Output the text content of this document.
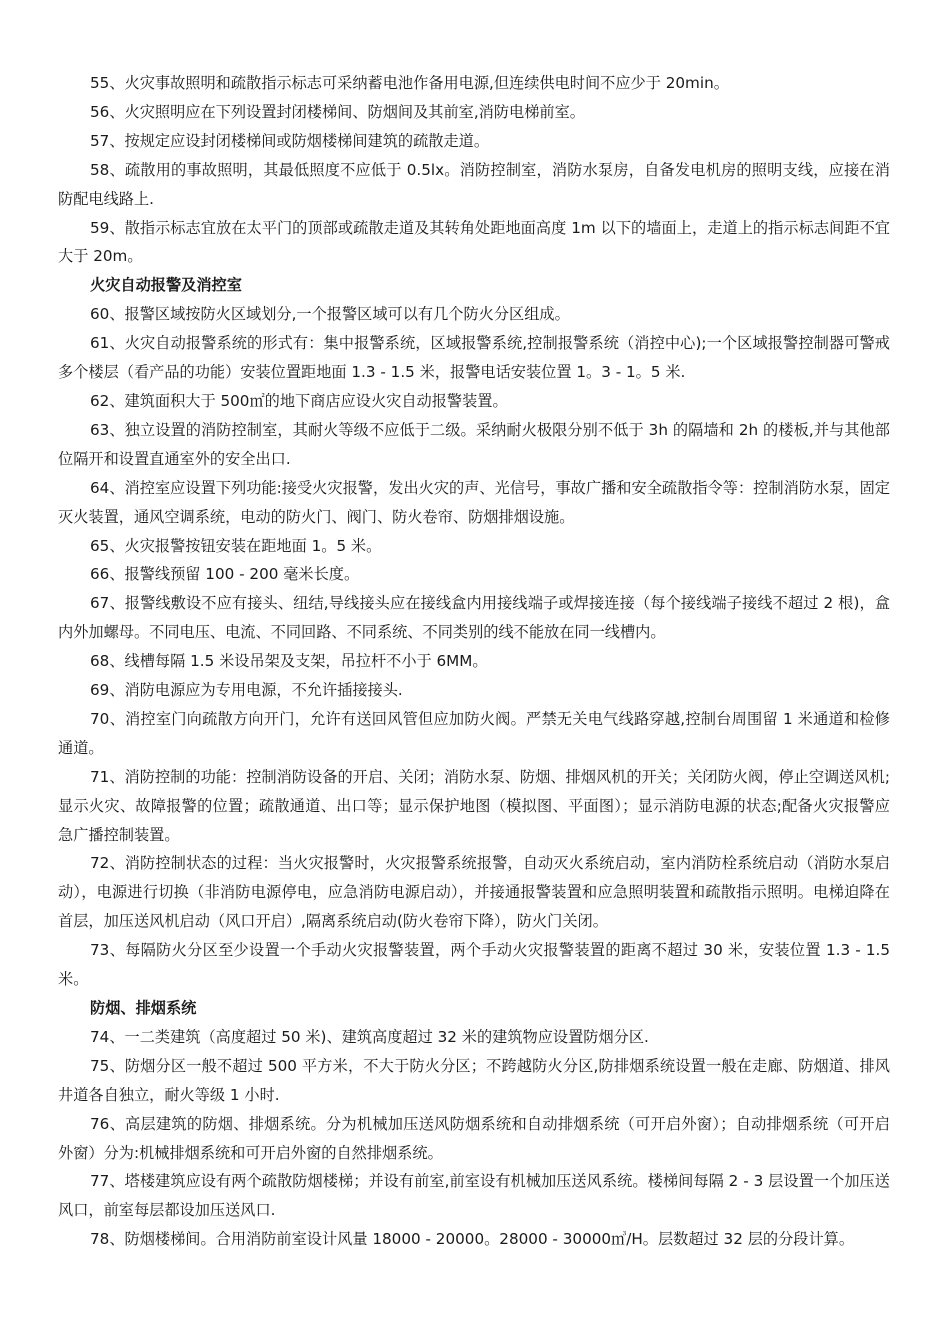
55、火灾事故照明和疏散指示标志可采纳蓄电池作备用电源,但连续供电时间不应少于 20min。

56、火灾照明应在下列设置封闭楼梯间、防烟间及其前室,消防电梯前室。

57、按规定应设封闭楼梯间或防烟楼梯间建筑的疏散走道。

58、疏散用的事故照明，其最低照度不应低于 0.5lx。消防控制室，消防水泵房，自备发电机房的照明支线，应接在消防配电线路上.

59、散指示标志宜放在太平门的顶部或疏散走道及其转角处距地面高度 1m 以下的墙面上，走道上的指示标志间距不宜大于 20m。

火灾自动报警及消控室

60、报警区域按防火区域划分,一个报警区域可以有几个防火分区组成。

61、火灾自动报警系统的形式有：集中报警系统，区域报警系统,控制报警系统（消控中心);一个区域报警控制器可警戒多个楼层（看产品的功能）安装位置距地面 1.3 - 1.5 米，报警电话安装位置 1。3 - 1。5 米.

62、建筑面积大于 500㎡的地下商店应设火灾自动报警装置。

63、独立设置的消防控制室，其耐火等级不应低于二级。采纳耐火极限分别不低于 3h 的隔墙和 2h 的楼板,并与其他部位隔开和设置直通室外的安全出口.

64、消控室应设置下列功能:接受火灾报警，发出火灾的声、光信号，事故广播和安全疏散指令等：控制消防水泵，固定灭火装置，通风空调系统，电动的防火门、阀门、防火卷帘、防烟排烟设施。

65、火灾报警按钮安装在距地面 1。5 米。

66、报警线预留 100 - 200 毫米长度。

67、报警线敷设不应有接头、纽结,导线接头应在接线盒内用接线端子或焊接连接（每个接线端子接线不超过 2 根)，盒内外加螺母。不同电压、电流、不同回路、不同系统、不同类别的线不能放在同一线槽内。

68、线槽每隔 1.5 米设吊架及支架，吊拉杆不小于 6MM。

69、消防电源应为专用电源，不允许插接接头.

70、消控室门向疏散方向开门，允许有送回风管但应加防火阀。严禁无关电气线路穿越,控制台周围留 1 米通道和检修通道。

71、消防控制的功能：控制消防设备的开启、关闭；消防水泵、防烟、排烟风机的开关；关闭防火阀，停止空调送风机;显示火灾、故障报警的位置；疏散通道、出口等；显示保护地图（模拟图、平面图）；显示消防电源的状态;配备火灾报警应急广播控制装置。

72、消防控制状态的过程：当火灾报警时，火灾报警系统报警，自动灭火系统启动，室内消防栓系统启动（消防水泵启动），电源进行切换（非消防电源停电，应急消防电源启动），并接通报警装置和应急照明装置和疏散指示照明。电梯迫降在首层，加压送风机启动（风口开启）,隔离系统启动(防火卷帘下降），防火门关闭。

73、每隔防火分区至少设置一个手动火灾报警装置，两个手动火灾报警装置的距离不超过 30 米，安装位置 1.3 - 1.5 米。

防烟、排烟系统

74、一二类建筑（高度超过 50 米)、建筑高度超过 32 米的建筑物应设置防烟分区.

75、防烟分区一般不超过 500 平方米，不大于防火分区；不跨越防火分区,防排烟系统设置一般在走廊、防烟道、排风井道各自独立，耐火等级 1 小时.

76、高层建筑的防烟、排烟系统。分为机械加压送风防烟系统和自动排烟系统（可开启外窗）；自动排烟系统（可开启外窗）分为:机械排烟系统和可开启外窗的自然排烟系统。

77、塔楼建筑应设有两个疏散防烟楼梯；并设有前室,前室设有机械加压送风系统。楼梯间每隔 2 - 3 层设置一个加压送风口，前室每层都设加压送风口.

78、防烟楼梯间。合用消防前室设计风量 18000 - 20000。28000 - 30000㎥/H。层数超过 32 层的分段计算。
